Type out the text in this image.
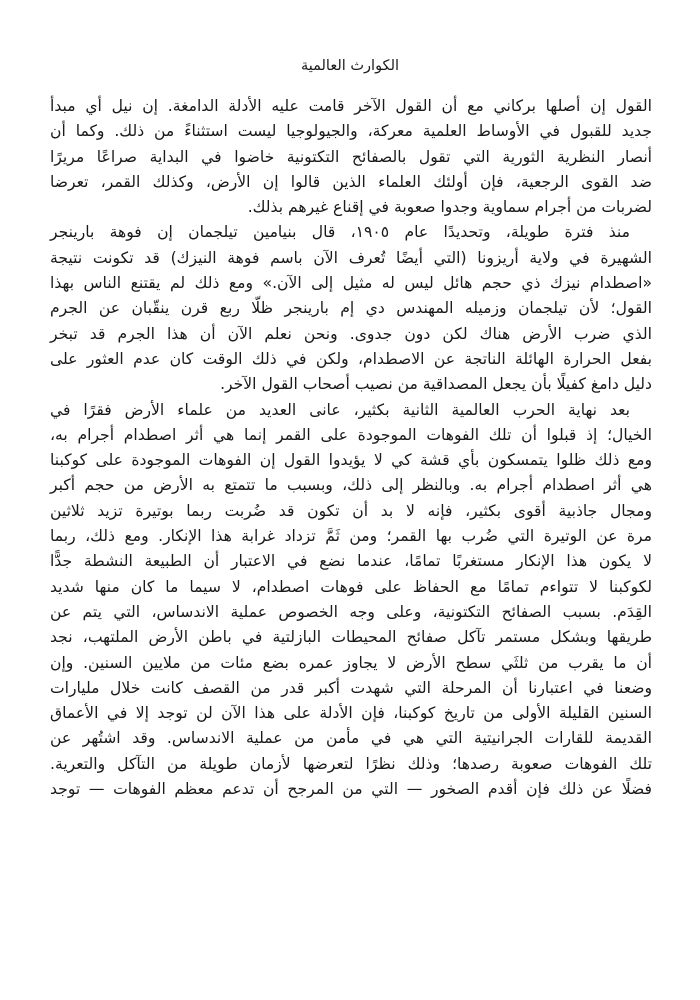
الكوارث العالمية

القول إن أصلها بركاني مع أن القول الآخر قامت عليه الأدلة الدامغة. إن نيل أي مبدأ
جديد للقبول في الأوساط العلمية معركة، والجيولوجيا ليست استثناءً من ذلك. وكما أن
أنصار النظرية الثورية التي تقول بالصفائح التكتونية خاضوا في البداية صراعًا مريرًا
ضد القوى الرجعية، فإن أولئك العلماء الذين قالوا إن الأرض، وكذلك القمر، تعرضا
لضربات من أجرام سماوية وجدوا صعوبة في إقناع غيرهم بذلك.

منذ فترة طويلة، وتحديدًا عام ١٩٠٥، قال بنيامين تيلجمان إن فوهة بارينجر
الشهيرة في ولاية أريزونا (التي أيضًا تُعرف الآن باسم فوهة النيزك) قد تكونت نتيجة
«اصطدام نيزك ذي حجم هائل ليس له مثيل إلى الآن.» ومع ذلك لم يقتنع الناس بهذا
القول؛ لأن تيلجمان وزميله المهندس دي إم بارينجر ظلّا ربع قرن ينقّبان عن الجرم
الذي ضرب الأرض هناك لكن دون جدوى. ونحن نعلم الآن أن هذا الجرم قد تبخر
بفعل الحرارة الهائلة الناتجة عن الاصطدام، ولكن في ذلك الوقت كان عدم العثور على
دليل دامغ كفيلًا بأن يجعل المصداقية من نصيب أصحاب القول الآخر.

بعد نهاية الحرب العالمية الثانية بكثير، عانى العديد من علماء الأرض فقرًا في
الخيال؛ إذ قبلوا أن تلك الفوهات الموجودة على القمر إنما هي أثر اصطدام أجرام به،
ومع ذلك ظلوا يتمسكون بأي قشة كي لا يؤيدوا القول إن الفوهات الموجودة على كوكبنا
هي أثر اصطدام أجرام به. وبالنظر إلى ذلك، وبسبب ما تتمتع به الأرض من حجم أكبر
ومجال جاذبية أقوى بكثير، فإنه لا بد أن تكون قد ضُربت ربما بوتيرة تزيد ثلاثين
مرة عن الوتيرة التي ضُرب بها القمر؛ ومن ثَمَّ تزداد غرابة هذا الإنكار. ومع ذلك، ربما
لا يكون هذا الإنكار مستغربًا تمامًا، عندما نضع في الاعتبار أن الطبيعة النشطة جدًّا
لكوكبنا لا تتواءم تمامًا مع الحفاظ على فوهات اصطدام، لا سيما ما كان منها شديد
القِدَم. بسبب الصفائح التكتونية، وعلى وجه الخصوص عملية الاندساس، التي يتم عن
طريقها وبشكل مستمر تآكل صفائح المحيطات البازلتية في باطن الأرض الملتهب، نجد
أن ما يقرب من ثلثَي سطح الأرض لا يجاوز عمره بضع مئات من ملايين السنين. وإن
وضعنا في اعتبارنا أن المرحلة التي شهدت أكبر قدر من القصف كانت خلال مليارات
السنين القليلة الأولى من تاريخ كوكبنا، فإن الأدلة على هذا الآن لن توجد إلا في الأعماق
القديمة للقارات الجرانيتية التي هي في مأمن من عملية الاندساس. وقد اشتُهر عن
تلك الفوهات صعوبة رصدها؛ وذلك نظرًا لتعرضها لأزمان طويلة من التآكل والتعرية.
فضلًا عن ذلك فإن أقدم الصخور — التي من المرجح أن تدعم معظم الفوهات — توجد
